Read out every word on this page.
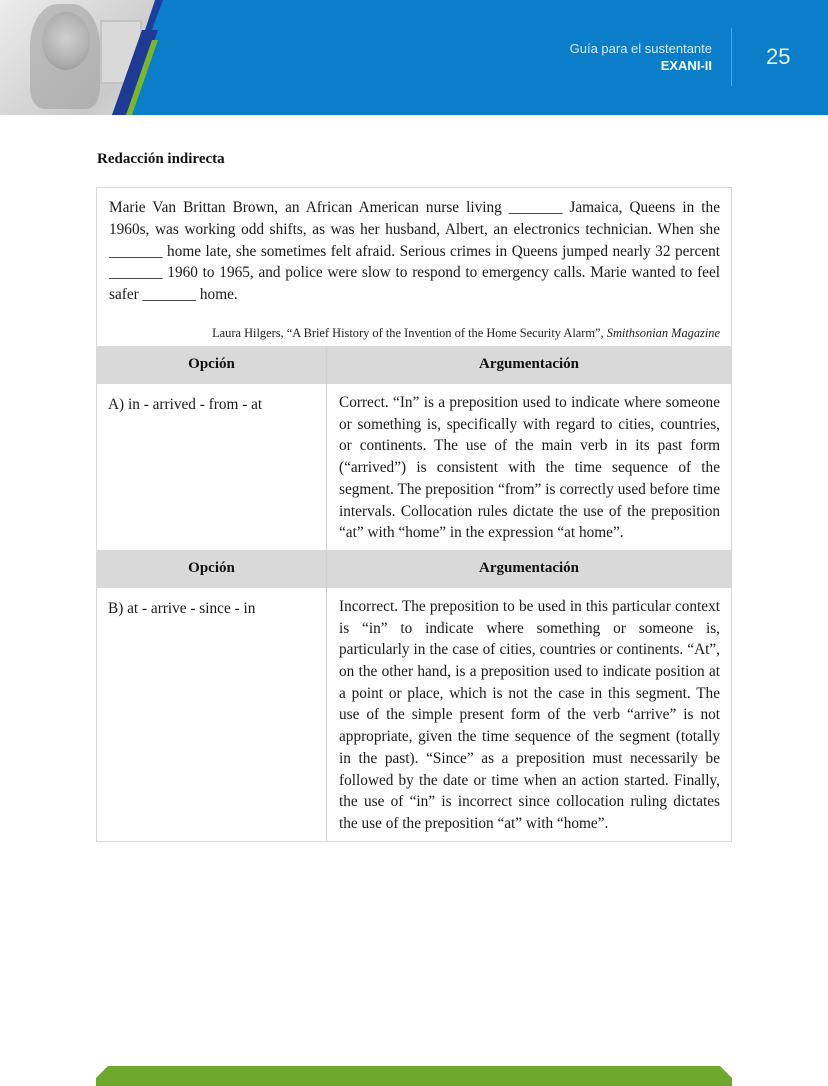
Guía para el sustentante
EXANI-II 25
Redacción indirecta
Marie Van Brittan Brown, an African American nurse living _______ Jamaica, Queens in the 1960s, was working odd shifts, as was her husband, Albert, an electronics technician. When she _______ home late, she sometimes felt afraid. Serious crimes in Queens jumped nearly 32 percent _______ 1960 to 1965, and police were slow to respond to emergency calls. Marie wanted to feel safer _______ home.
Laura Hilgers, “A Brief History of the Invention of the Home Security Alarm”, Smithsonian Magazine
Opción	Argumentación
A) in - arrived - from - at	Correct. “In” is a preposition used to indicate where someone or something is, specifically with regard to cities, countries, or continents. The use of the main verb in its past form (“arrived”) is consistent with the time sequence of the segment. The preposition “from” is correctly used before time intervals. Collocation rules dictate the use of the preposition “at” with “home” in the expression “at home”.
Opción	Argumentación
B) at - arrive - since - in	Incorrect. The preposition to be used in this particular context is “in” to indicate where something or someone is, particularly in the case of cities, countries or continents. “At”, on the other hand, is a preposition used to indicate position at a point or place, which is not the case in this segment. The use of the simple present form of the verb “arrive” is not appropriate, given the time sequence of the segment (totally in the past). “Since” as a preposition must necessarily be followed by the date or time when an action started. Finally, the use of “in” is incorrect since collocation ruling dictates the use of the preposition “at” with “home”.
